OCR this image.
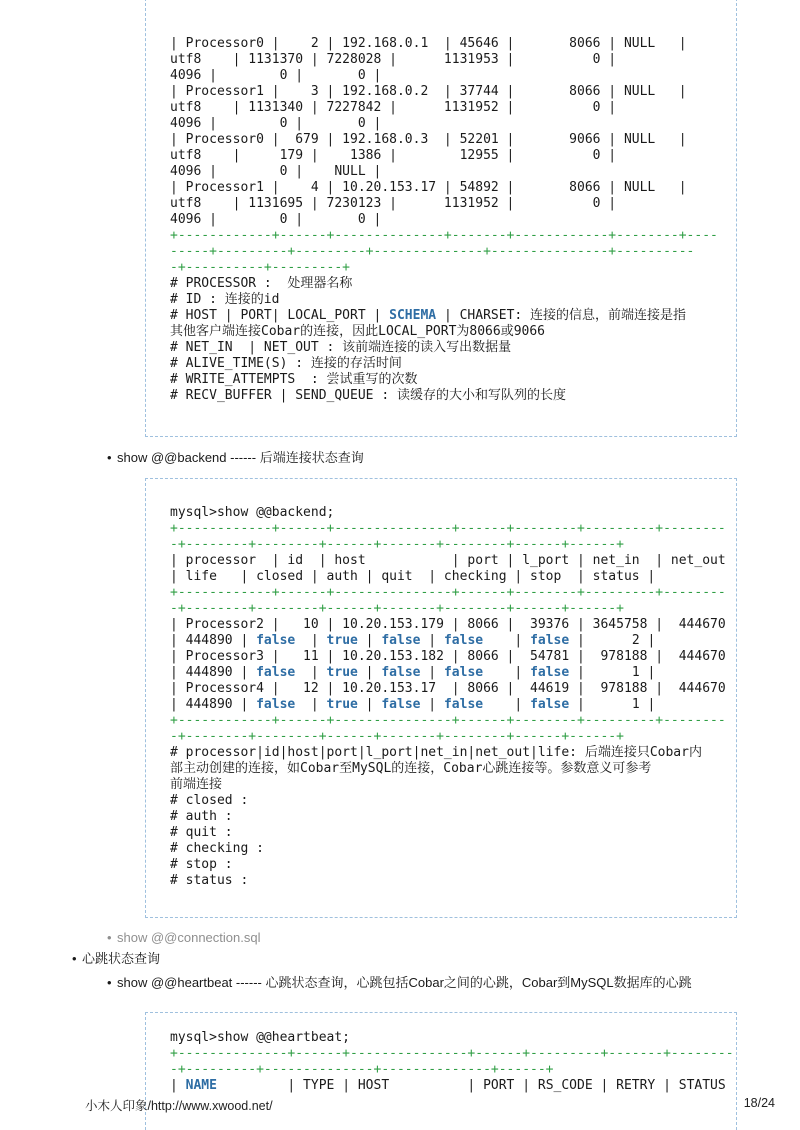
| Processor0 |    2 | 192.168.0.1  | 45646 |       8066 | NULL   |
utf8    | 1131370 | 7228028 |      1131953 |          0 |
4096 |        0 |       0 |
| Processor1 |    3 | 192.168.0.2  | 37744 |       8066 | NULL   |
utf8    | 1131340 | 7227842 |      1131952 |          0 |
4096 |        0 |       0 |
| Processor0 |  679 | 192.168.0.3  | 52201 |       9066 | NULL   |
utf8    |     179 |    1386 |        12955 |          0 |
4096 |        0 |    NULL |
| Processor1 |    4 | 10.20.153.17 | 54892 |       8066 | NULL   |
utf8    | 1131695 | 7230123 |      1131952 |          0 |
4096 |        0 |       0 |
+------------+------+--------------+-------+------------+--------+----
-----+---------+---------+--------------+---------------+----------
-+----------+---------+
# PROCESSOR :  处理器名称
# ID : 连接的id
# HOST | PORT| LOCAL_PORT | SCHEMA | CHARSET: 连接的信息，前端连接是指
其他客户端连接Cobar的连接，因此LOCAL_PORT为8066或9066
# NET_IN  | NET_OUT : 该前端连接的读入写出数据量
# ALIVE_TIME(S) : 连接的存活时间
# WRITE_ATTEMPTS  : 尝试重写的次数
# RECV_BUFFER | SEND_QUEUE : 读缓存的大小和写队列的长度
• show @@backend ------ 后端连接状态查询
mysql>show @@backend;
+------------+------+---------------+------+--------+---------+--------
-+--------+--------+------+-------+--------+------+------+
| processor  | id  | host           | port | l_port | net_in  | net_out
| life   | closed | auth | quit  | checking | stop  | status |
+------------+------+---------------+------+--------+---------+--------
-+--------+--------+------+-------+--------+------+------+
| Processor2 |   10 | 10.20.153.179 | 8066 |  39376 | 3645758 |  444670
| 444890 | false  | true | false | false    | false |      2 |
| Processor3 |   11 | 10.20.153.182 | 8066 |  54781 |  978188 |  444670
| 444890 | false  | true | false | false    | false |      1 |
| Processor4 |   12 | 10.20.153.17  | 8066 |  44619 |  978188 |  444670
| 444890 | false  | true | false | false    | false |      1 |
+------------+------+---------------+------+--------+---------+--------
-+--------+--------+------+-------+--------+------+------+
# processor|id|host|port|l_port|net_in|net_out|life: 后端连接只Cobar内
部主动创建的连接，如Cobar至MySQL的连接，Cobar心跳连接等。参数意义可参考
前端连接
# closed :
# auth :
# quit :
# checking :
# stop :
# status :
• show @@connection.sql
• 心跳状态查询
• show @@heartbeat ------ 心跳状态查询，心跳包括Cobar之间的心跳，Cobar到MySQL数据库的心跳
mysql>show @@heartbeat;
+--------------+------+---------------+------+---------+-------+--------
-+---------+--------------+--------------+------+
| NAME         | TYPE | HOST          | PORT | RS_CODE | RETRY | STATUS
小木人印象/http://www.xwood.net/	18/24
